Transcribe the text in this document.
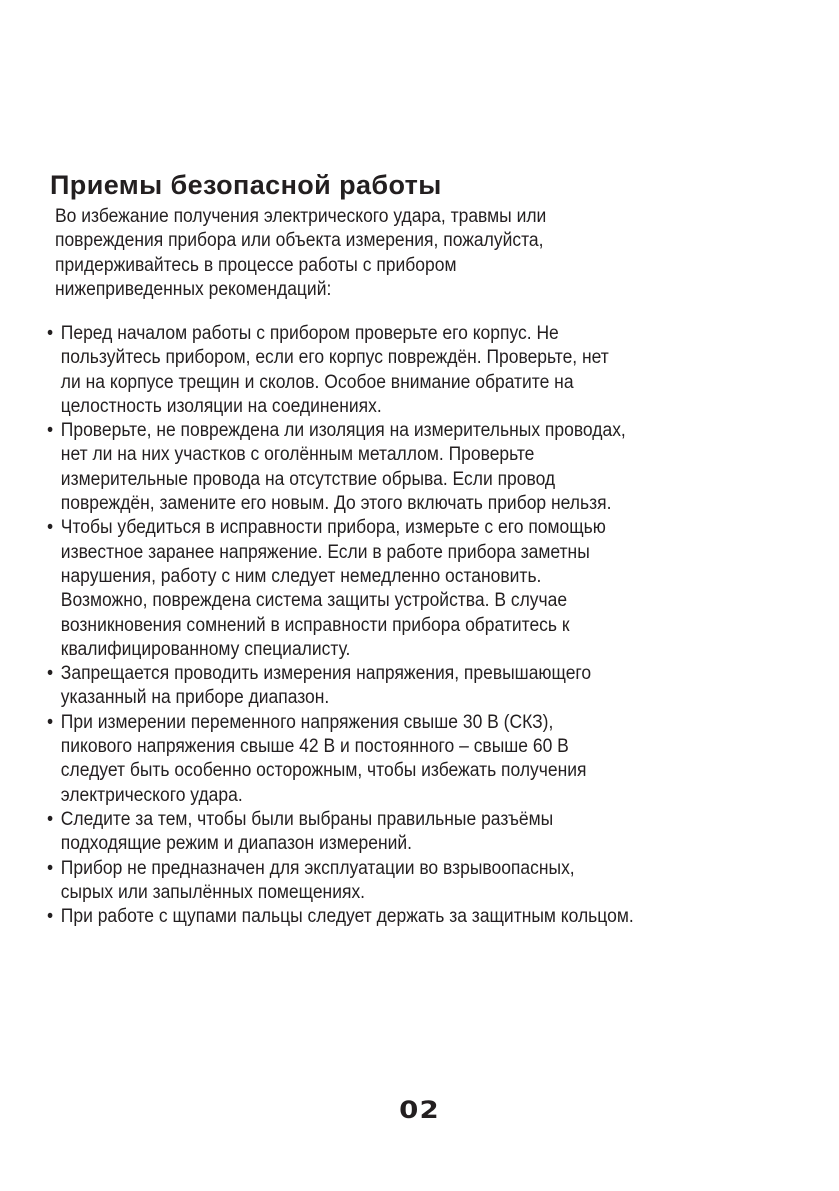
Приемы безопасной работы

Во избежание получения электрического удара, травмы или
повреждения прибора или объекта измерения, пожалуйста,
придерживайтесь в процессе работы с прибором
нижеприведенных рекомендаций:

• Перед началом работы с прибором проверьте его корпус. Не
пользуйтесь прибором, если его корпус повреждён. Проверьте, нет
ли на корпусе трещин и сколов. Особое внимание обратите на
целостность изоляции на соединениях.
• Проверьте, не повреждена ли изоляция на измерительных проводах,
нет ли на них участков с оголённым металлом. Проверьте
измерительные провода на отсутствие обрыва. Если провод
повреждён, замените его новым. До этого включать прибор нельзя.
• Чтобы убедиться в исправности прибора, измерьте с его помощью
известное заранее напряжение. Если в работе прибора заметны
нарушения, работу с ним следует немедленно остановить.
Возможно, повреждена система защиты устройства. В случае
возникновения сомнений в исправности прибора обратитесь к
квалифицированному специалисту.
• Запрещается проводить измерения напряжения, превышающего
указанный на приборе диапазон.
• При измерении переменного напряжения свыше 30 В (СКЗ),
пикового напряжения свыше 42 В и постоянного – свыше 60 В
следует быть особенно осторожным, чтобы избежать получения
электрического удара.
• Следите за тем, чтобы были выбраны правильные разъёмы
подходящие режим и диапазон измерений.
• Прибор не предназначен для эксплуатации во взрывоопасных,
сырых или запылённых помещениях.
• При работе с щупами пальцы следует держать за защитным кольцом.
02
